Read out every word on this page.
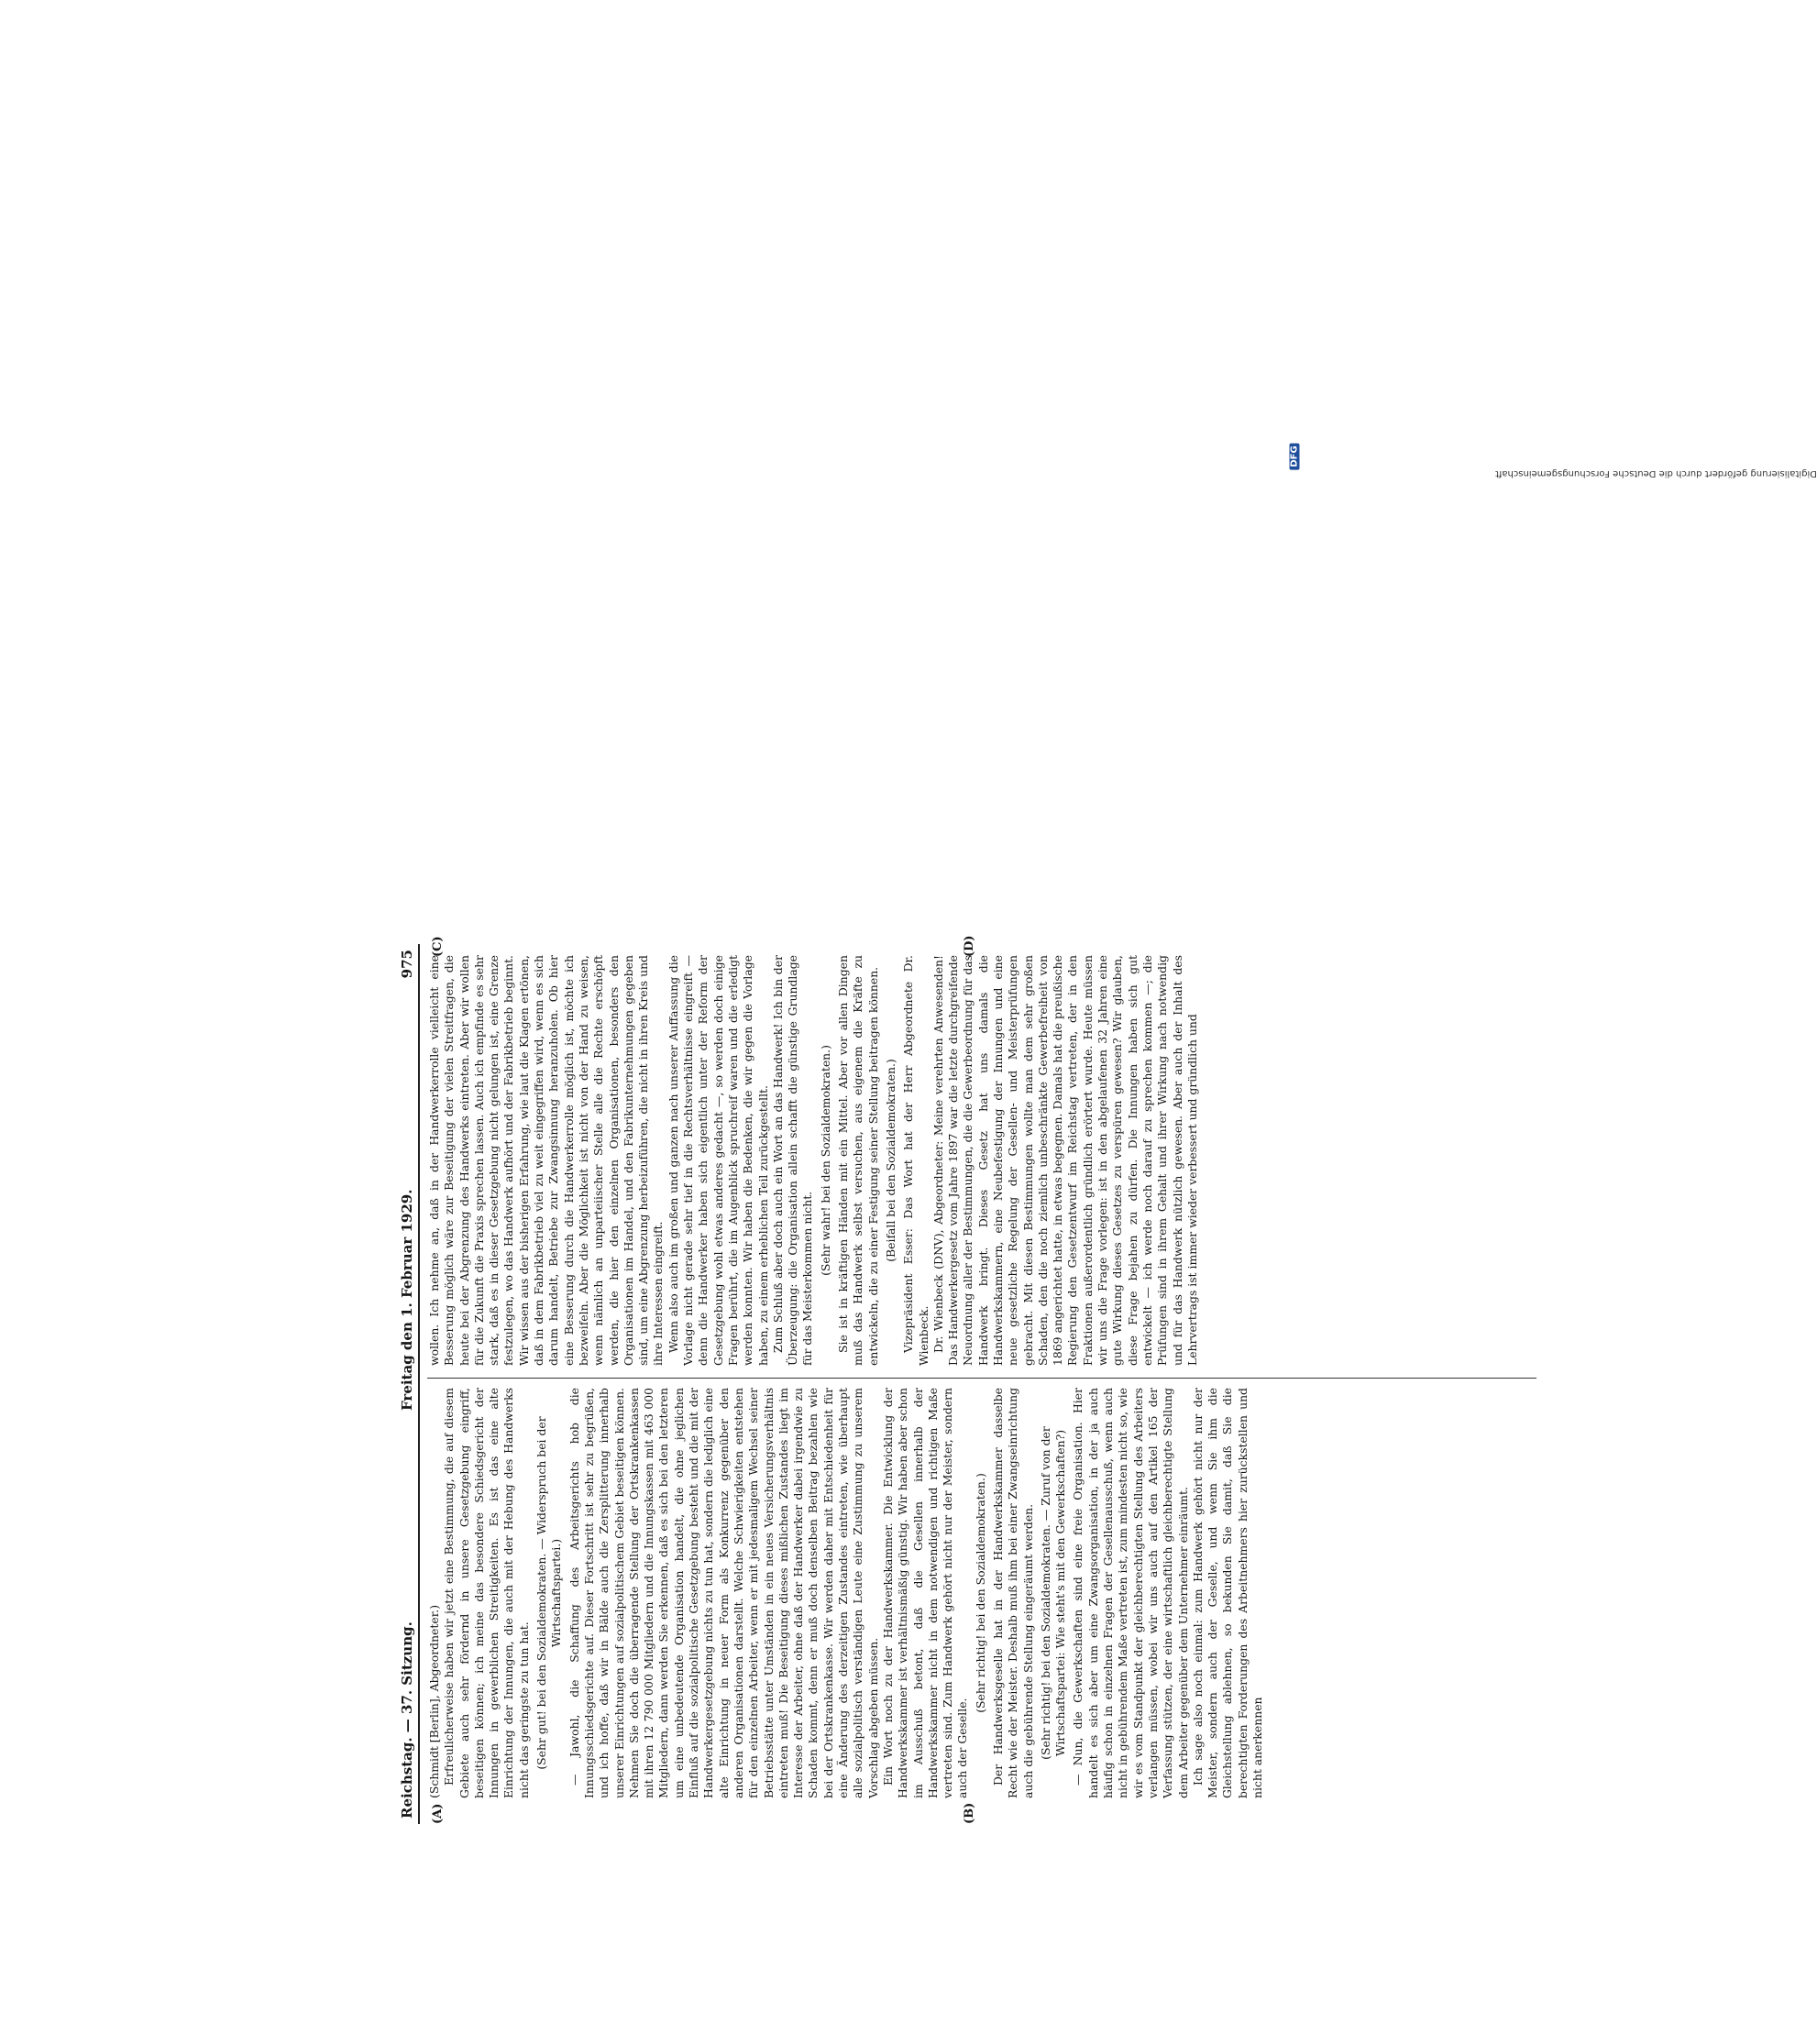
Reichstag. — 37. Sitzung.
Freitag den 1. Februar 1929.
975
(A)	(B)
(C)	(D)

(Schmidt [Berlin], Abgeordneter.) Erfreulicherweise haben wir jetzt eine Bestimmung, die auf diesem Gebiete auch sehr fördernd in unsere Gesetzgebung eingriff, beseitigen können; ich meine das besondere Schiedsgericht der Innungen in gewerblichen Streitigkeiten. Es ist das eine alte Einrichtung der Innungen, die auch mit der Hebung des Handwerks nicht das geringste zu tun hat. (Sehr gut! bei den Sozialdemokraten. — Widerspruch bei der Wirtschaftspartei.) — Jawohl, die Schaffung des Arbeitsgerichts hob die Innungsschiedsgerichte auf. Dieser Fortschritt ist sehr zu begrüßen, und ich hoffe, daß wir in Bälde auch die Zersplitterung innerhalb unserer Einrichtungen auf sozialpolitischem Gebiet beseitigen können. Nehmen Sie doch die überragende Stellung der Ortskrankenkassen mit ihren 12 790 000 Mitgliedern und die Innungskassen mit 463 000 Mitgliedern, dann werden Sie erkennen, daß es sich bei den letzteren um eine unbedeutende Organisation handelt, die ohne jeglichen Einfluß auf die sozialpolitische Gesetzgebung besteht und die mit der Handwerkergesetzgebung nichts zu tun hat, sondern die lediglich eine alte Einrichtung in neuer Form als Konkurrenz gegenüber den anderen Organisationen darstellt. Welche Schwierigkeiten entstehen für den einzelnen Arbeiter, wenn er mit jedesmaligem Wechsel seiner Betriebsstätte unter Umständen in ein neues Versicherungsverhältnis eintreten muß! Die Beseitigung dieses mißlichen Zustandes liegt im Interesse der Arbeiter, ohne daß der Handwerker dabei irgendwie zu Schaden kommt, denn er muß doch denselben Beitrag bezahlen wie bei der Ortskrankenkasse. Wir werden daher mit Entschiedenheit für eine Änderung des derzeitigen Zustandes eintreten, wie überhaupt alle sozialpolitisch verständigen Leute eine Zustimmung zu unserem Vorschlag abgeben müssen. Ein Wort noch zu der Handwerkskammer. Die Entwicklung der Handwerkskammer ist verhältnismäßig günstig. Wir haben aber schon im Ausschuß betont, daß die Gesellen innerhalb der Handwerkskammer nicht in dem notwendigen und richtigen Maße vertreten sind. Zum Handwerk gehört nicht nur der Meister, sondern auch der Geselle.

(Sehr richtig! bei den Sozialdemokraten.) Der Handwerksgeselle hat in der Handwerkskammer dasselbe Recht wie der Meister. Deshalb muß ihm bei einer Zwangseinrichtung auch die gebührende Stellung eingeräumt werden. (Sehr richtig! bei den Sozialdemokraten. — Zuruf von der Wirtschaftspartei: Wie steht's mit den Gewerkschaften?) — Nun, die Gewerkschaften sind eine freie Organisation. Hier handelt es sich aber um eine Zwangsorganisation, in der ja auch häufig schon in einzelnen Fragen der Gesellenausschuß, wenn auch nicht in gebührendem Maße vertreten ist, zum mindesten nicht so, wie wir es vom Standpunkt der gleichberechtigten Stellung des Arbeiters verlangen müssen, wobei wir uns auch auf den Artikel 165 der Verfassung stützen, der eine wirtschaftlich gleichberechtigte Stellung dem Arbeiter gegenüber dem Unternehmer einräumt. Ich sage also noch einmal: zum Handwerk gehört nicht nur der Meister, sondern auch der Geselle, und wenn Sie ihm die Gleichstellung ablehnen, so bekunden Sie damit, daß Sie die berechtigten Forderungen des Arbeitnehmers hier zurückstellen und nicht anerkennen

wollen. Ich nehme an, daß in der Handwerkerrolle vielleicht eine Besserung möglich wäre zur Beseitigung der vielen Streitfragen, die heute bei der Abgrenzung des Handwerks eintreten. Aber wir wollen für die Zukunft die Praxis sprechen lassen. Auch ich empfinde es sehr stark, daß es in dieser Gesetzgebung nicht gelungen ist, eine Grenze festzulegen, wo das Handwerk aufhört und der Fabrikbetrieb beginnt. Wir wissen aus der bisherigen Erfahrung, wie laut die Klagen ertönen, daß in dem Fabrikbetrieb viel zu weit eingegriffen wird, wenn es sich darum handelt, Betriebe zur Zwangsinnung heranzuholen. Ob hier eine Besserung durch die Handwerkerrolle möglich ist, möchte ich bezweifeln. Aber die Möglichkeit ist nicht von der Hand zu weisen, wenn nämlich an unparteiischer Stelle alle die Rechte erschöpft werden, die hier den einzelnen Organisationen, besonders den Organisationen im Handel, und den Fabrikunternehmungen gegeben sind, um eine Abgrenzung herbeizuführen, die nicht in ihren Kreis und ihre Interessen eingreift. Wenn also auch im großen und ganzen nach unserer Auffassung die Vorlage nicht gerade sehr tief in die Rechtsverhältnisse eingreift — denn die Handwerker haben sich eigentlich unter der Reform der Gesetzgebung wohl etwas anderes gedacht —, so werden doch einige Fragen berührt, die im Augenblick spruchreif waren und die erledigt werden konnten. Wir haben die Bedenken, die wir gegen die Vorlage haben, zu einem erheblichen Teil zurückgestellt. Zum Schluß aber doch auch ein Wort an das Handwerk! Ich bin der Überzeugung: die Organisation allein schafft die günstige Grundlage für das Meisterkommen nicht.

(Sehr wahr! bei den Sozialdemokraten.) Sie ist in kräftigen Händen mit ein Mittel. Aber vor allen Dingen muß das Handwerk selbst versuchen, aus eigenem die Kräfte zu entwickeln, die zu einer Festigung seiner Stellung beitragen können. (Beifall bei den Sozialdemokraten.) Vizepräsident Esser: Das Wort hat der Herr Abgeordnete Dr. Wienbeck. Dr. Wienbeck (DNV), Abgeordneter: Meine verehrten Anwesenden! Das Handwerkergesetz vom Jahre 1897 war die letzte durchgreifende Neuordnung aller der Bestimmungen, die die Gewerbeordnung für das Handwerk bringt. Dieses Gesetz hat uns damals die Handwerkskammern, eine Neubefestigung der Innungen und eine neue gesetzliche Regelung der Gesellen- und Meisterprüfungen gebracht. Mit diesen Bestimmungen wollte man dem sehr großen Schaden, den die noch ziemlich unbeschränkte Gewerbefreiheit von 1869 angerichtet hatte, in etwas begegnen. Damals hat die preußische Regierung den Gesetzentwurf im Reichstag vertreten, der in den Fraktionen außerordentlich gründlich erörtert wurde. Heute müssen wir uns die Frage vorlegen: ist in den abgelaufenen 32 Jahren eine gute Wirkung dieses Gesetzes zu verspüren gewesen? Wir glauben, diese Frage bejahen zu dürfen. Die Innungen haben sich gut entwickelt — ich werde noch darauf zu sprechen kommen —; die Prüfungen sind in ihrem Gehalt und ihrer Wirkung nach notwendig und für das Handwerk nützlich gewesen. Aber auch der Inhalt des Lehrvertrags ist immer wieder verbessert und gründlich und

Digitalisierung gefördert durch die Deutsche Forschungsgemeinschaft
DFG
